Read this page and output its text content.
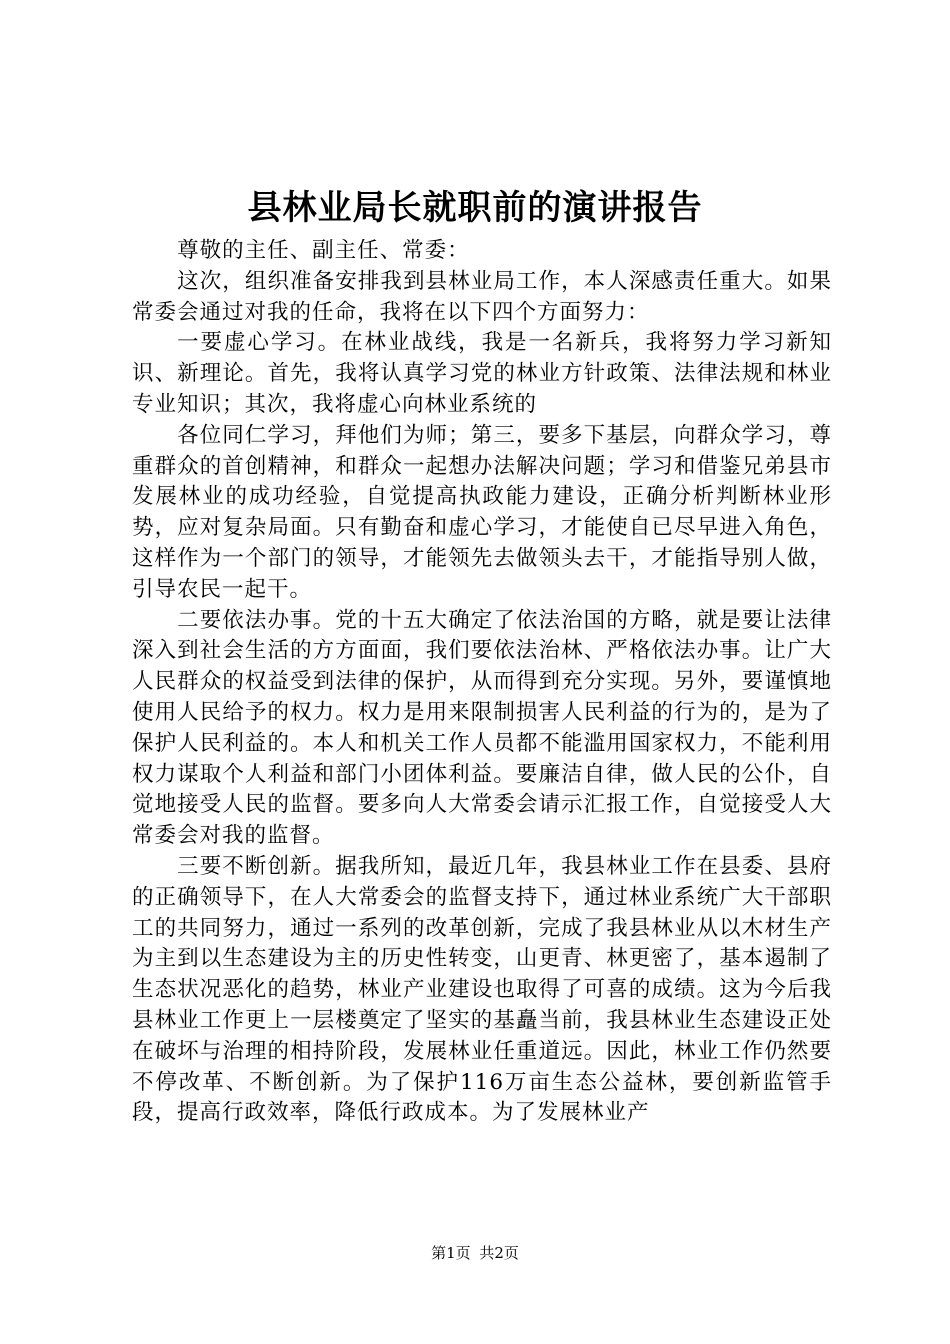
县林业局长就职前的演讲报告

尊敬的主任、副主任、常委：

这次，组织准备安排我到县林业局工作，本人深感责任重大。如果常委会通过对我的任命，我将在以下四个方面努力：

一要虚心学习。在林业战线，我是一名新兵，我将努力学习新知识、新理论。首先，我将认真学习党的林业方针政策、法律法规和林业专业知识；其次，我将虚心向林业系统的

各位同仁学习，拜他们为师；第三，要多下基层，向群众学习，尊重群众的首创精神，和群众一起想办法解决问题；学习和借鉴兄弟县市发展林业的成功经验，自觉提高执政能力建设，正确分析判断林业形势，应对复杂局面。只有勤奋和虚心学习，才能使自已尽早进入角色，这样作为一个部门的领导，才能领先去做领头去干，才能指导别人做，引导农民一起干。

二要依法办事。党的十五大确定了依法治国的方略，就是要让法律深入到社会生活的方方面面，我们要依法治林、严格依法办事。让广大人民群众的权益受到法律的保护，从而得到充分实现。另外，要谨慎地使用人民给予的权力。权力是用来限制损害人民利益的行为的，是为了保护人民利益的。本人和机关工作人员都不能滥用国家权力，不能利用权力谋取个人利益和部门小团体利益。要廉洁自律，做人民的公仆，自觉地接受人民的监督。要多向人大常委会请示汇报工作，自觉接受人大常委会对我的监督。

三要不断创新。据我所知，最近几年，我县林业工作在县委、县府的正确领导下，在人大常委会的监督支持下，通过林业系统广大干部职工的共同努力，通过一系列的改革创新，完成了我县林业从以木材生产为主到以生态建设为主的历史性转变，山更青、林更密了，基本遏制了生态状况恶化的趋势，林业产业建设也取得了可喜的成绩。这为今后我县林业工作更上一层楼奠定了坚实的基矗当前，我县林业生态建设正处在破坏与治理的相持阶段，发展林业任重道远。因此，林业工作仍然要不停改革、不断创新。为了保护116万亩生态公益林，要创新监管手段，提高行政效率，降低行政成本。为了发展林业产

第1页 共2页
